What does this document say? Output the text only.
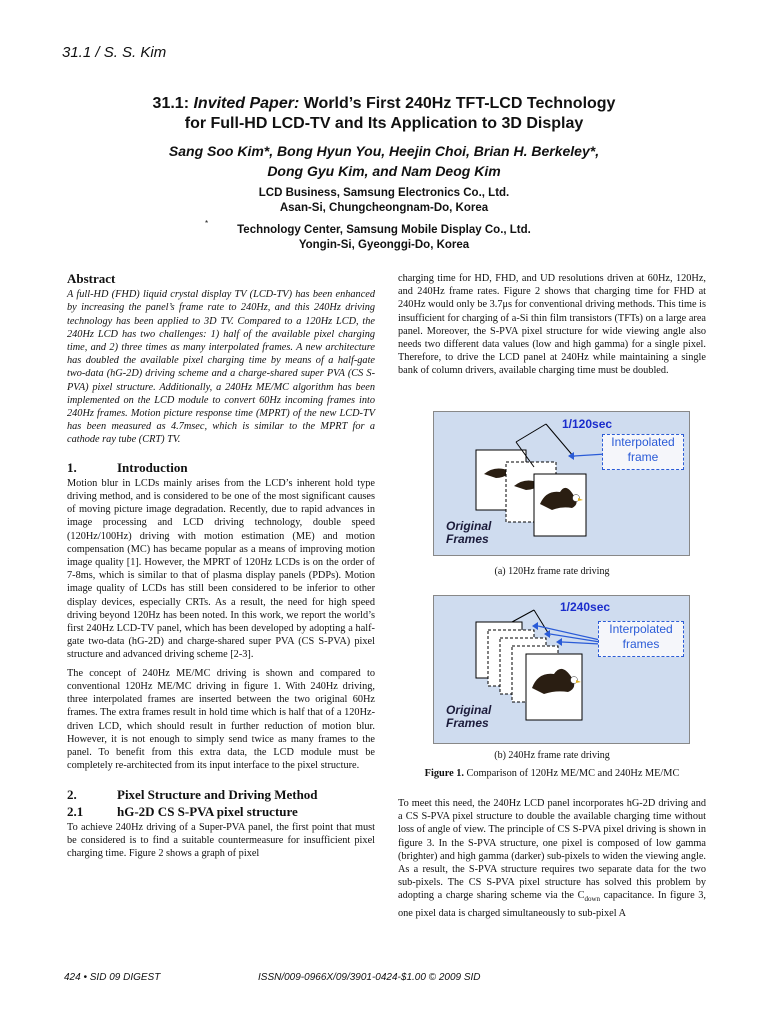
31.1 / S. S. Kim
31.1: Invited Paper: World’s First 240Hz TFT-LCD Technology
for Full-HD LCD-TV and Its Application to 3D Display
Sang Soo Kim*, Bong Hyun You, Heejin Choi, Brian H. Berkeley*,
Dong Gyu Kim, and Nam Deog Kim
LCD Business, Samsung Electronics Co., Ltd.
Asan-Si, Chungcheongnam-Do, Korea
*
Technology Center, Samsung Mobile Display Co., Ltd.
Yongin-Si, Gyeonggi-Do, Korea
Abstract

A full-HD (FHD) liquid crystal display TV (LCD-TV) has been enhanced by increasing the panel’s frame rate to 240Hz, and this 240Hz driving technology has been applied to 3D TV. Compared to a 120Hz LCD, the 240Hz LCD has two challenges: 1) half of the available pixel charging time, and 2) three times as many interpolated frames. A new architecture has doubled the available pixel charging time by means of a half-gate two-data (hG-2D) driving scheme and a charge-shared super PVA (CS S-PVA) pixel structure. Additionally, a 240Hz ME/MC algorithm has been implemented on the LCD module to convert 60Hz incoming frames into 240Hz frames. Motion picture response time (MPRT) of the new LCD-TV has been measured as 4.7msec, which is similar to the MPRT for a cathode ray tube (CRT) TV.

1.	Introduction

Motion blur in LCDs mainly arises from the LCD’s inherent hold type driving method, and is considered to be one of the most significant causes of moving picture image degradation. Recently, due to rapid advances in image processing and LCD driving technology, double speed (120Hz/100Hz) driving with motion estimation (ME) and motion compensation (MC) has became popular as a means of improving motion image quality [1]. However, the MPRT of 120Hz LCDs is on the order of 7-8ms, which is similar to that of plasma display panels (PDPs). Motion image quality of LCDs has still been considered to be inferior to other display devices, especially CRTs. As a result, the need for high speed driving beyond 120Hz has been noted. In this work, we report the world’s first 240Hz LCD-TV panel, which has been developed by adopting a half-gate two-data (hG-2D) and charge-shared super PVA (CS S-PVA) pixel structure and advanced driving scheme [2-3].

The concept of 240Hz ME/MC driving is shown and compared to conventional 120Hz ME/MC driving in figure 1. With 240Hz driving, three interpolated frames are inserted between the two original 60Hz frames. The extra frames result in hold time which is half that of a 120Hz-driven LCD, which should result in further reduction of motion blur. However, it is not enough to simply send twice as many frames to the panel. To benefit from this extra data, the LCD module must be completely re-architected from its input interface to the pixel structure.

2.	Pixel Structure and Driving Method
2.1	hG-2D CS S-PVA pixel structure

To achieve 240Hz driving of a Super-PVA panel, the first point that must be considered is to find a suitable countermeasure for insufficient pixel charging time. Figure 2 shows a graph of pixel

charging time for HD, FHD, and UD resolutions driven at 60Hz, 120Hz, and 240Hz frame rates. Figure 2 shows that charging time for FHD at 240Hz would only be 3.7μs for conventional driving methods. This time is insufficient for charging of a-Si thin film transistors (TFTs) on a large area panel. Moreover, the S-PVA pixel structure for wide viewing angle also needs two different data values (low and high gamma) for a single pixel. Therefore, to drive the LCD panel at 240Hz while maintaining a single bank of column drivers, available charging time must be doubled.

To meet this need, the 240Hz LCD panel incorporates hG-2D driving and a CS S-PVA pixel structure to double the available charging time without loss of angle of view. The principle of CS S-PVA pixel driving is shown in figure 3. In the S-PVA structure, one pixel is composed of low gamma (brighter) and high gamma (darker) sub-pixels to widen the viewing angle. As a result, the S-PVA structure requires two separate data for the two sub-pixels. The CS S-PVA pixel structure has solved this problem by adopting a charge sharing scheme via the $C_{down}$ capacitance. In figure 3, one pixel data is charged simultaneously to sub-pixel A

1/120sec
Interpolated frame
Original Frames
(a) 120Hz frame rate driving
1/240sec
Interpolated frames
Original Frames
(b) 240Hz frame rate driving
Figure 1. Comparison of 120Hz ME/MC and 240Hz ME/MC
424 • SID 09 DIGEST	ISSN/009-0966X/09/3901-0424-$1.00 © 2009 SID
